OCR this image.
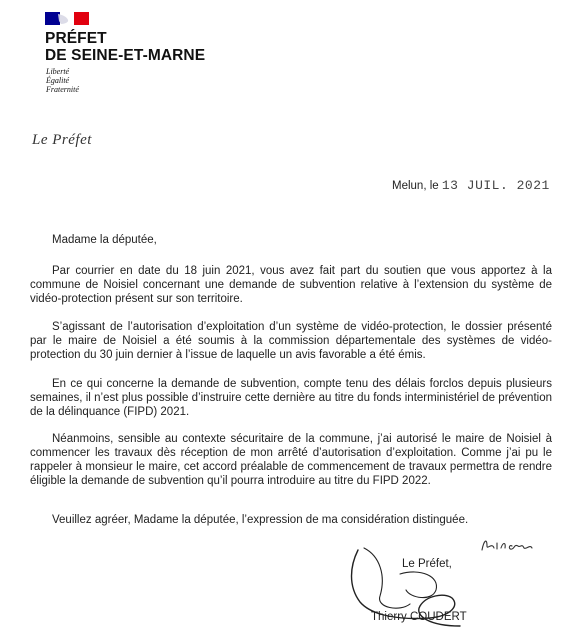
PRÉFET
DE SEINE-ET-MARNE
Liberté
Égalité
Fraternité
Le Préfet
Melun, le 13 JUIL. 2021
Madame la députée,

Par courrier en date du 18 juin 2021, vous avez fait part du soutien que vous apportez à la commune de Noisiel concernant une demande de subvention relative à l’extension du système de vidéo-protection présent sur son territoire.

S’agissant de l’autorisation d’exploitation d’un système de vidéo-protection, le dossier présenté par le maire de Noisiel a été soumis à la commission départementale des systèmes de vidéo-protection du 30 juin dernier à l’issue de laquelle un avis favorable a été émis.

En ce qui concerne la demande de subvention, compte tenu des délais forclos depuis plusieurs semaines, il n’est plus possible d’instruire cette dernière au titre du fonds interministériel de prévention de la délinquance (FIPD) 2021.

Néanmoins, sensible au contexte sécuritaire de la commune, j’ai autorisé le maire de Noisiel à commencer les travaux dès réception de mon arrêté d’autorisation d’exploitation. Comme j’ai pu le rappeler à monsieur le maire, cet accord préalable de commencement de travaux permettra de rendre éligible la demande de subvention qu’il pourra introduire au titre du FIPD 2022.

Veuillez agréer, Madame la députée, l’expression de ma considération distinguée.
Le Préfet,
Thierry COUDERT
